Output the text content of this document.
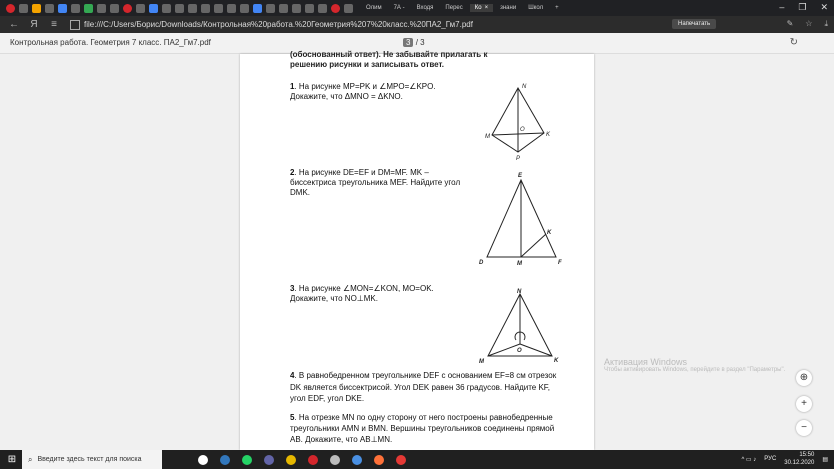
Олим 7А - Входя Перес Ко × знани Школ	+	– ❐ ✕
← Я	≡	file:///C:/Users/Борис/Downloads/Контрольная%20работа.%20Геометрия%207%20класс.%20ПА2_Гм7.pdf	Напечатать	✎ ☆ ⤓
Контрольная работа. Геометрия 7 класс. ПА2_Гм7.pdf	3 / 3	↻
(обоснованный ответ). Не забывайте прилагать к решению рисунки и записывать ответ.
1. На рисунке MP=PK и ∠MPO=∠KPO. Докажите, что ΔMNO = ΔKNO.
N
M
O
K
P
2. На рисунке DE=EF и DM=MF. MK – биссектриса треугольника MEF. Найдите угол DMK.
E
K
D	M	F
3. На рисунке ∠MON=∠KON, MO=OK. Докажите, что NO⊥MK.
N
O
M	K
4. В равнобедренном треугольнике DEF с основанием EF=8 см отрезок DK является биссектрисой. Угол DEK равен 36 градусов. Найдите KF, угол EDF, угол DKE.
5. На отрезке MN по одну сторону от него построены равнобедренные треугольники AMN и BMN. Вершины треугольников соединены прямой AB. Докажите, что AB⊥MN.
⊕
+
−
Активация Windows
Чтобы активировать Windows, перейдите в раздел "Параметры".
⊞	⌕ Введите здесь текст для поиска	^ ▭ ♪ РУС
15:50
30.12.2020
▤
